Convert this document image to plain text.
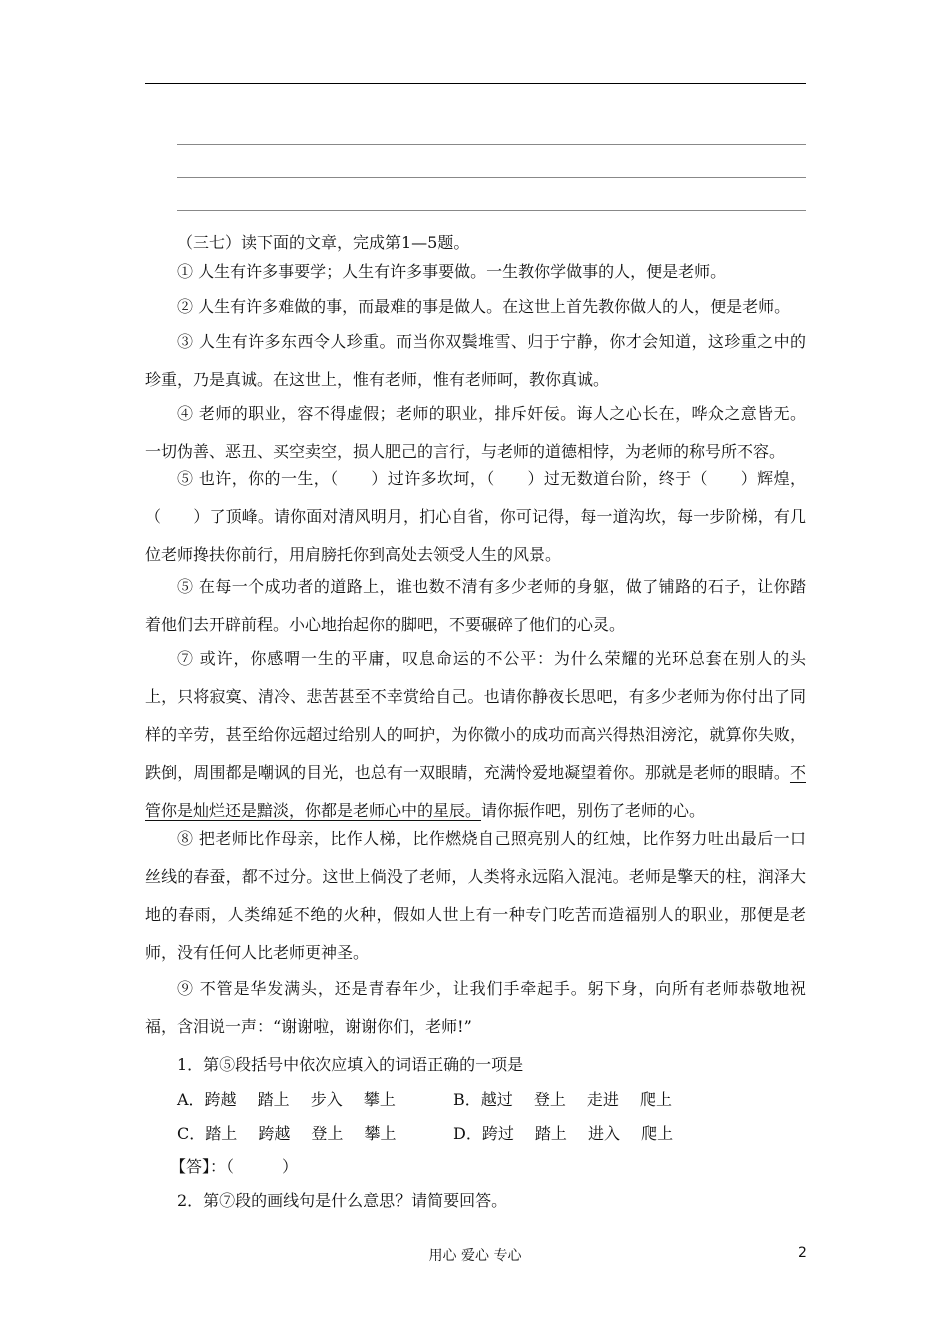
（三七）读下面的文章，完成第1—5题。

① 人生有许多事要学；人生有许多事要做。一生教你学做事的人，便是老师。

② 人生有许多难做的事，而最难的事是做人。在这世上首先教你做人的人，便是老师。

③ 人生有许多东西令人珍重。而当你双鬓堆雪、归于宁静，你才会知道，这珍重之中的珍重，乃是真诚。在这世上，惟有老师，惟有老师呵，教你真诚。

④ 老师的职业，容不得虚假；老师的职业，排斥奸佞。诲人之心长在，哗众之意皆无。一切伪善、恶丑、买空卖空，损人肥己的言行，与老师的道德相悖，为老师的称号所不容。

⑤ 也许，你的一生，（　　）过许多坎坷，（　　）过无数道台阶，终于（　　）辉煌，（　　）了顶峰。请你面对清风明月，扪心自省，你可记得，每一道沟坎，每一步阶梯，有几位老师搀扶你前行，用肩膀托你到高处去领受人生的风景。

⑤ 在每一个成功者的道路上，谁也数不清有多少老师的身躯，做了铺路的石子，让你踏着他们去开辟前程。小心地抬起你的脚吧，不要碾碎了他们的心灵。

⑦ 或许，你感喟一生的平庸，叹息命运的不公平：为什么荣耀的光环总套在别人的头上，只将寂寞、清冷、悲苦甚至不幸赏给自己。也请你静夜长思吧，有多少老师为你付出了同样的辛劳，甚至给你远超过给别人的呵护，为你微小的成功而高兴得热泪滂沱，就算你失败，跌倒，周围都是嘲讽的目光，也总有一双眼睛，充满怜爱地凝望着你。那就是老师的眼睛。不管你是灿烂还是黯淡，你都是老师心中的星辰。请你振作吧，别伤了老师的心。

⑧ 把老师比作母亲，比作人梯，比作燃烧自己照亮别人的红烛，比作努力吐出最后一口丝线的春蚕，都不过分。这世上倘没了老师，人类将永远陷入混沌。老师是擎天的柱，润泽大地的春雨，人类绵延不绝的火种，假如人世上有一种专门吃苦而造福别人的职业，那便是老师，没有任何人比老师更神圣。

⑨ 不管是华发满头，还是青春年少，让我们手牵起手。躬下身，向所有老师恭敬地祝福，含泪说一声：“谢谢啦，谢谢你们，老师!”

1．第⑤段括号中依次应填入的词语正确的一项是
A．跨越　 踏上　 步入　 攀上	B．越过　 登上　 走进　 爬上
C．踏上　 跨越　 登上　 攀上	D．跨过　 踏上　 进入　 爬上
【答】：（　　　）
2．第⑦段的画线句是什么意思？请简要回答。
用心 爱心 专心	2
